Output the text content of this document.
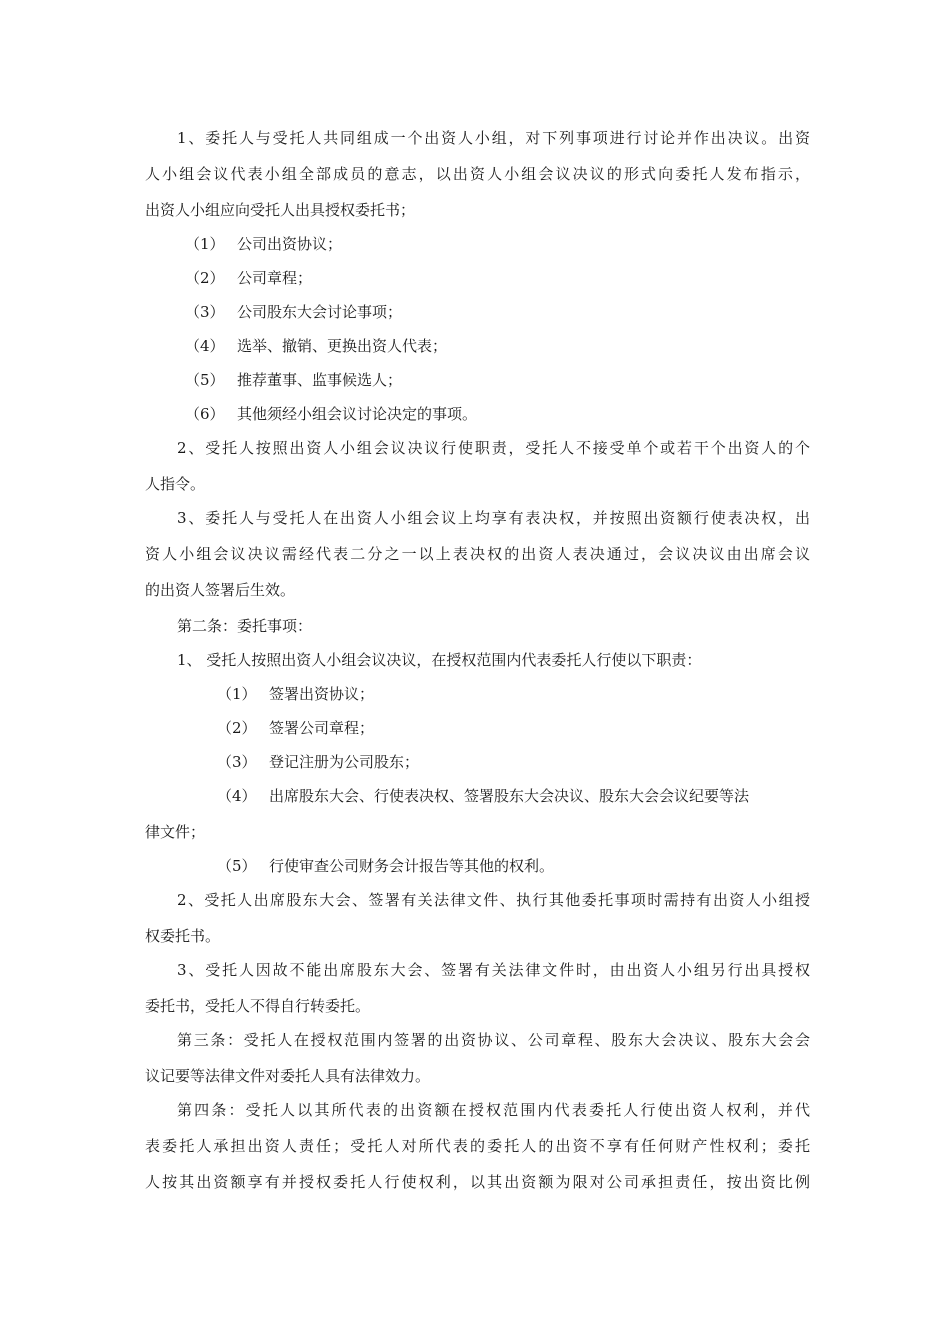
1、委托人与受托人共同组成一个出资人小组，对下列事项进行讨论并作出决议。出资
人小组会议代表小组全部成员的意志，以出资人小组会议决议的形式向委托人发布指示，
出资人小组应向受托人出具授权委托书；
（1） 公司出资协议；
（2） 公司章程；
（3） 公司股东大会讨论事项；
（4） 选举、撤销、更换出资人代表；
（5） 推荐董事、监事候选人；
（6） 其他须经小组会议讨论决定的事项。
2、受托人按照出资人小组会议决议行使职责，受托人不接受单个或若干个出资人的个
人指令。
3、委托人与受托人在出资人小组会议上均享有表决权，并按照出资额行使表决权，出
资人小组会议决议需经代表二分之一以上表决权的出资人表决通过，会议决议由出席会议
的出资人签署后生效。
第二条：委托事项：
1、 受托人按照出资人小组会议决议，在授权范围内代表委托人行使以下职责：
（1） 签署出资协议；
（2） 签署公司章程；
（3） 登记注册为公司股东；
（4） 出席股东大会、行使表决权、签署股东大会决议、股东大会会议纪要等法
律文件；
（5） 行使审查公司财务会计报告等其他的权利。
2、受托人出席股东大会、签署有关法律文件、执行其他委托事项时需持有出资人小组授
权委托书。
3、受托人因故不能出席股东大会、签署有关法律文件时，由出资人小组另行出具授权
委托书，受托人不得自行转委托。
第三条：受托人在授权范围内签署的出资协议、公司章程、股东大会决议、股东大会会
议记要等法律文件对委托人具有法律效力。
第四条：受托人以其所代表的出资额在授权范围内代表委托人行使出资人权利，并代
表委托人承担出资人责任；受托人对所代表的委托人的出资不享有任何财产性权利；委托
人按其出资额享有并授权委托人行使权利，以其出资额为限对公司承担责任，按出资比例
